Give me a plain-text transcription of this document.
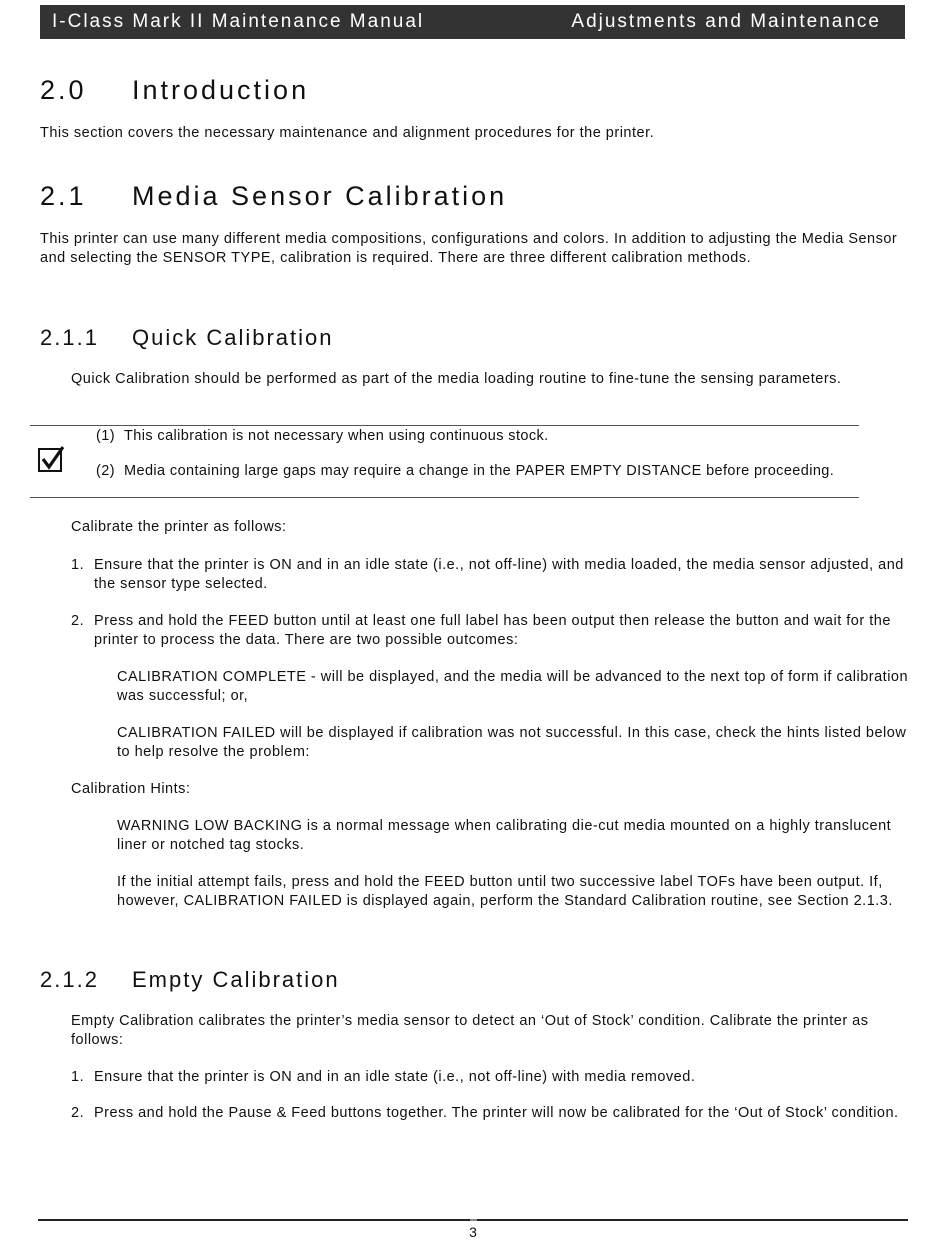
I-Class Mark II Maintenance Manual	Adjustments and Maintenance
2.0 Introduction

This section covers the necessary maintenance and alignment procedures for the printer.

2.1 Media Sensor Calibration

This printer can use many different media compositions, configurations and colors. In addition to adjusting the Media Sensor and selecting the SENSOR TYPE, calibration is required. There are three different calibration methods.

2.1.1 Quick Calibration

Quick Calibration should be performed as part of the media loading routine to fine-tune the sensing parameters.

(1) This calibration is not necessary when using continuous stock.
(2) Media containing large gaps may require a change in the PAPER EMPTY DISTANCE before proceeding.

Calibrate the printer as follows:

1. Ensure that the printer is ON and in an idle state (i.e., not off-line) with media loaded, the media sensor adjusted, and the sensor type selected.
2. Press and hold the FEED button until at least one full label has been output then release the button and wait for the printer to process the data. There are two possible outcomes:

CALIBRATION COMPLETE - will be displayed, and the media will be advanced to the next top of form if calibration was successful; or,

CALIBRATION FAILED will be displayed if calibration was not successful. In this case, check the hints listed below to help resolve the problem:

Calibration Hints:

WARNING LOW BACKING is a normal message when calibrating die-cut media mounted on a highly translucent liner or notched tag stocks.

If the initial attempt fails, press and hold the FEED button until two successive label TOFs have been output. If, however, CALIBRATION FAILED is displayed again, perform the Standard Calibration routine, see Section 2.1.3.

2.1.2 Empty Calibration

Empty Calibration calibrates the printer’s media sensor to detect an ‘Out of Stock’ condition. Calibrate the printer as follows:

1. Ensure that the printer is ON and in an idle state (i.e., not off-line) with media removed.
2. Press and hold the Pause & Feed buttons together. The printer will now be calibrated for the ‘Out of Stock’ condition.
3
